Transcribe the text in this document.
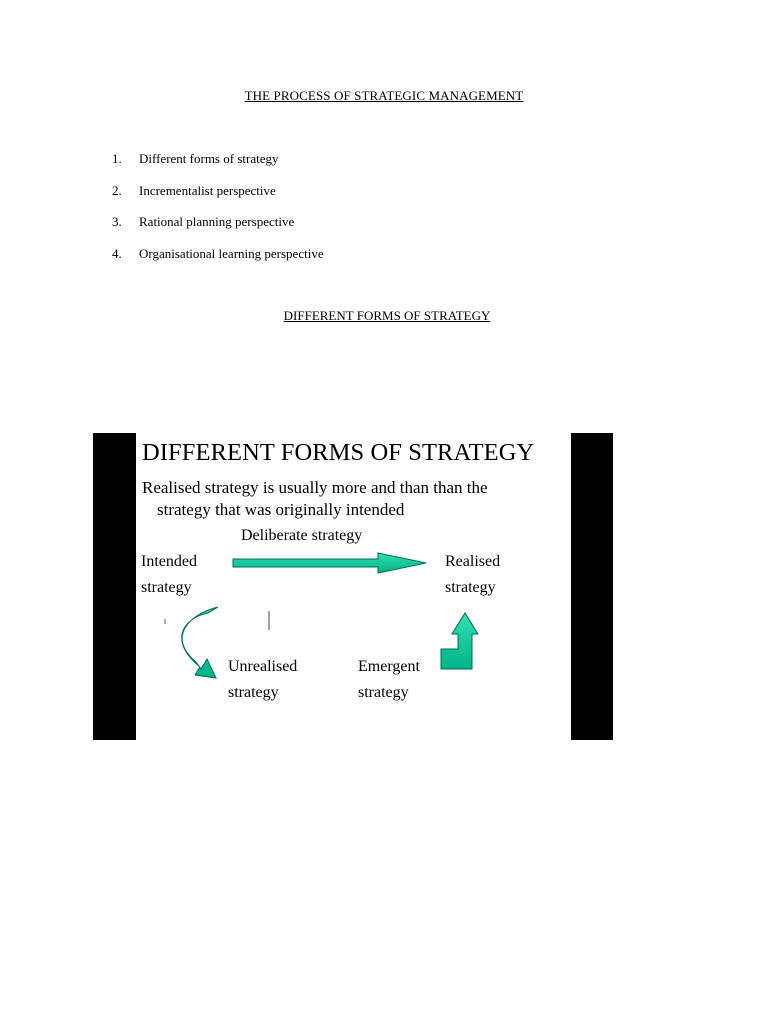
THE PROCESS OF STRATEGIC MANAGEMENT
1.	Different forms of strategy
2.	Incrementalist perspective
3.	Rational planning perspective
4.	Organisational learning perspective
DIFFERENT FORMS OF STRATEGY
DIFFERENT FORMS OF STRATEGY
Realised strategy is usually more and than than the
strategy that was originally intended
Deliberate strategy
Intended
strategy
Realised
strategy
Unrealised
strategy
Emergent
strategy
